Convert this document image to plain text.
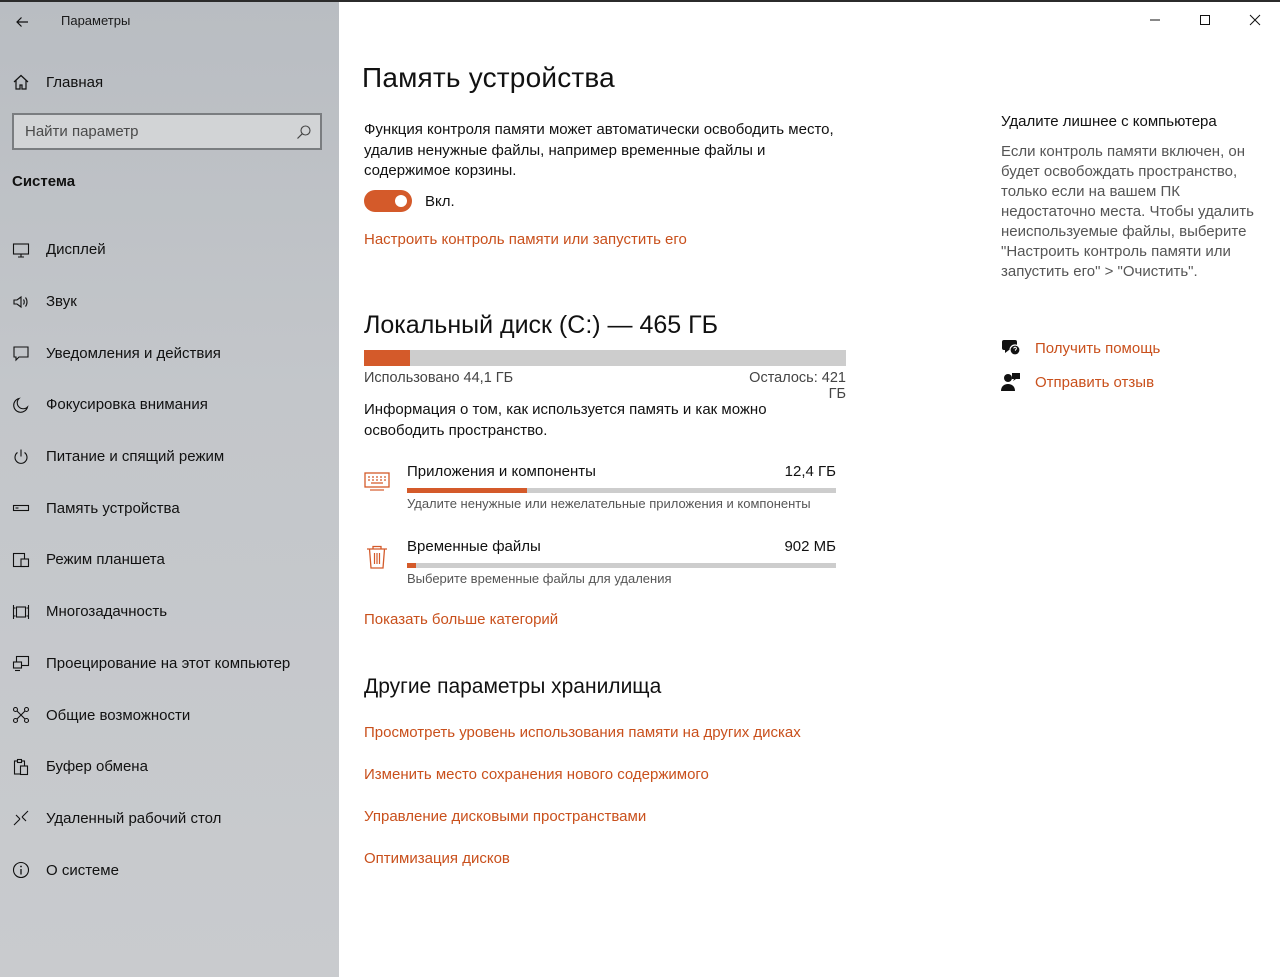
Параметры
Главная
Найти параметр
Система
Дисплей
Звук
Уведомления и действия
Фокусировка внимания
Питание и спящий режим
Память устройства
Режим планшета
Многозадачность
Проецирование на этот компьютер
Общие возможности
Буфер обмена
Удаленный рабочий стол
О системе
Память устройства

Функция контроля памяти может автоматически освободить место, удалив ненужные файлы, например временные файлы и содержимое корзины.

Вкл.
Настроить контроль памяти или запустить его
Локальный диск (C:) — 465 ГБ
Использовано 44,1 ГБ	Осталось: 421 ГБ

Информация о том, как используется память и как можно освободить пространство.

Приложения и компоненты	12,4 ГБ
Удалите ненужные или нежелательные приложения и компоненты
Временные файлы	902 МБ
Выберите временные файлы для удаления
Показать больше категорий
Другие параметры хранилища
Просмотреть уровень использования памяти на других дисках
Изменить место сохранения нового содержимого
Управление дисковыми пространствами
Оптимизация дисков
Удалите лишнее с компьютера

Если контроль памяти включен, он будет освобождать пространство, только если на вашем ПК недостаточно места. Чтобы удалить неиспользуемые файлы, выберите "Настроить контроль памяти или запустить его" > "Очистить".

Получить помощь
Отправить отзыв
